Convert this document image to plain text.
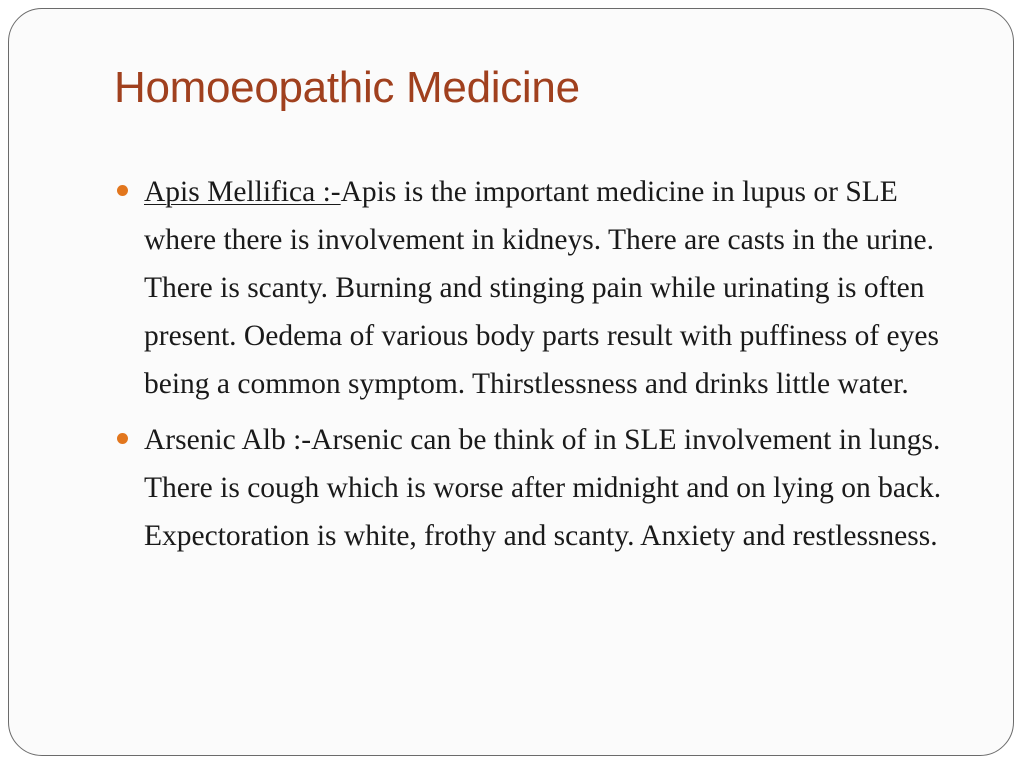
Homoeopathic Medicine
Apis Mellifica :-Apis is the important medicine in lupus or SLE where there is involvement in kidneys. There are casts in the urine. There is scanty. Burning and stinging pain while urinating is often present. Oedema of various body parts result with puffiness of eyes being a common symptom. Thirstlessness and drinks little water.
Arsenic Alb :-Arsenic can be think of in SLE involvement in lungs. There is cough which is worse after midnight and on lying on back. Expectoration is white, frothy and scanty. Anxiety and restlessness.
